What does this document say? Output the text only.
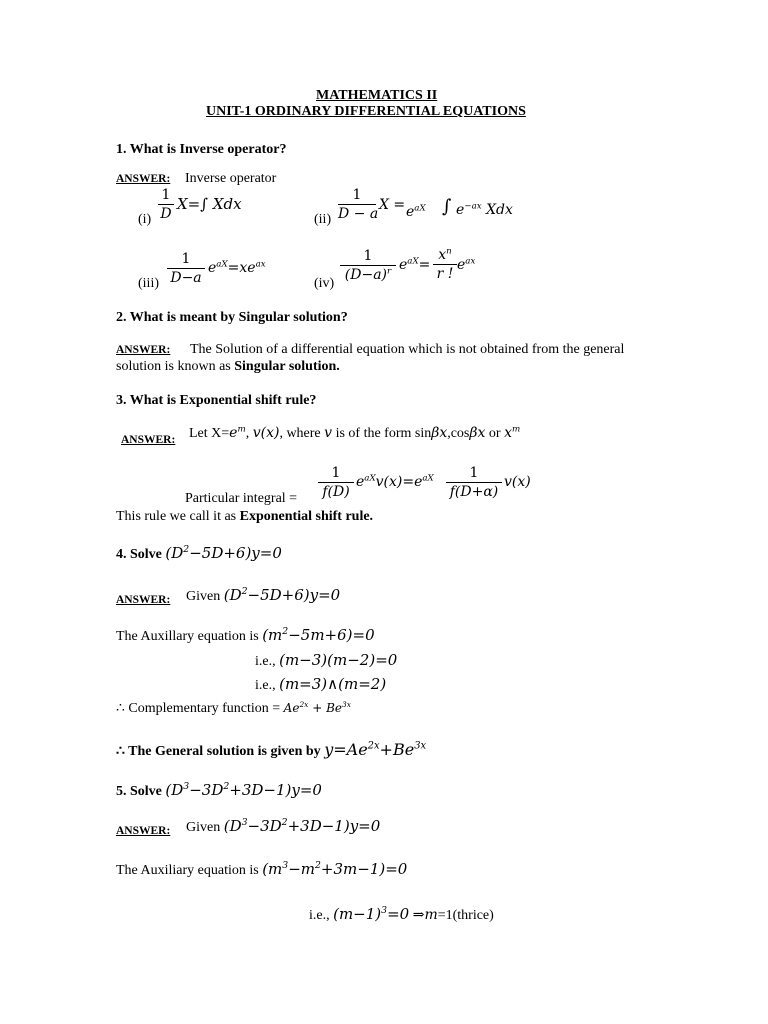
MATHEMATICS II
UNIT-1 ORDINARY DIFFERENTIAL EQUATIONS
1. What is Inverse operator?
ANSWER: Inverse operator
(i)
1
D
X=∫ Xdx
(ii)
1
D − a
$X = e^{aX}$ ∫ $e^{-ax}$ Xdx
(iii)
1
D−a
$e^{aX}=xe^{ax}$
(iv)
1
$(D-a)^r$ $e^{aX}=$
$x^n$
r !
$e^{ax}$
2. What is meant by Singular solution?
ANSWER: The Solution of a differential equation which is not obtained from the general
solution is known as Singular solution.
3. What is Exponential shift rule?
ANSWER: Let $X=e^m$, v(x), where v is of the form sinβx,cosβx or $x^m$
Particular integral =
1
f(D)
$e^{aX}v(x)=e^{aX}$	1
f(D+α)
v(x)
This rule we call it as Exponential shift rule.
4. Solve $(D^2-5D+6)y=0$
ANSWER: Given $(D^2-5D+6)y=0$
The Auxillary equation is $(m^2-5m+6)=0$
i.e., (m−3)(m−2)=0
i.e., (m=3)∧(m=2)
∴ Complementary function = $Ae^{2x} + Be^{3x}$
∴ The General solution is given by $y=Ae^{2x}+Be^{3x}$
5. Solve $(D^3-3D^2+3D-1)y=0$
ANSWER: Given $(D^3-3D^2+3D-1)y=0$
The Auxiliary equation is $(m^3-m^2+3m-1)=0$
i.e., $(m-1)^3=0$ ⇒m=1(thrice)
